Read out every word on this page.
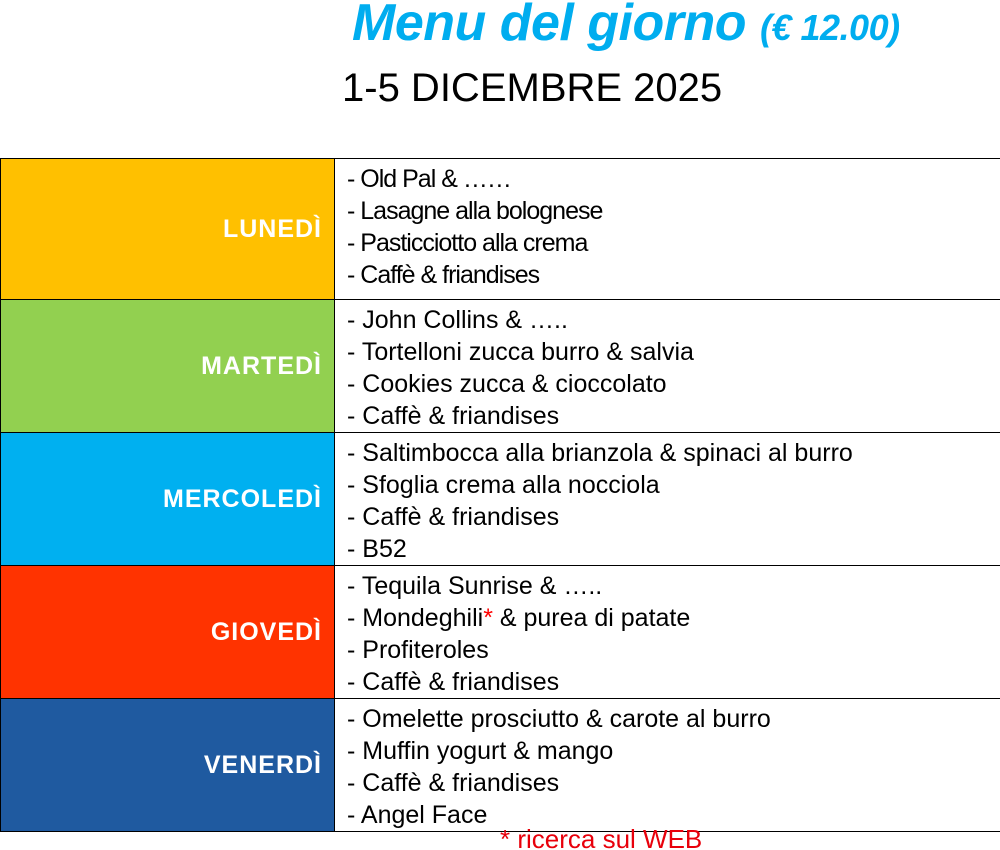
Menu del giorno (€ 12.00)
1-5 DICEMBRE 2025
LUNEDÌ	- Old Pal & ……
- Lasagne alla bolognese
- Pasticciotto alla crema
- Caffè & friandises

MARTEDÌ	- John Collins & …..
- Tortelloni zucca burro & salvia
- Cookies zucca & cioccolato
- Caffè & friandises

MERCOLEDÌ	- Saltimbocca alla brianzola & spinaci al burro
- Sfoglia crema alla nocciola
- Caffè & friandises
- B52

GIOVEDÌ	- Tequila Sunrise & …..
- Mondeghili* & purea di patate
- Profiteroles
- Caffè & friandises

VENERDÌ	- Omelette prosciutto & carote al burro
- Muffin yogurt & mango
- Caffè & friandises
- Angel Face
* ricerca sul WEB
